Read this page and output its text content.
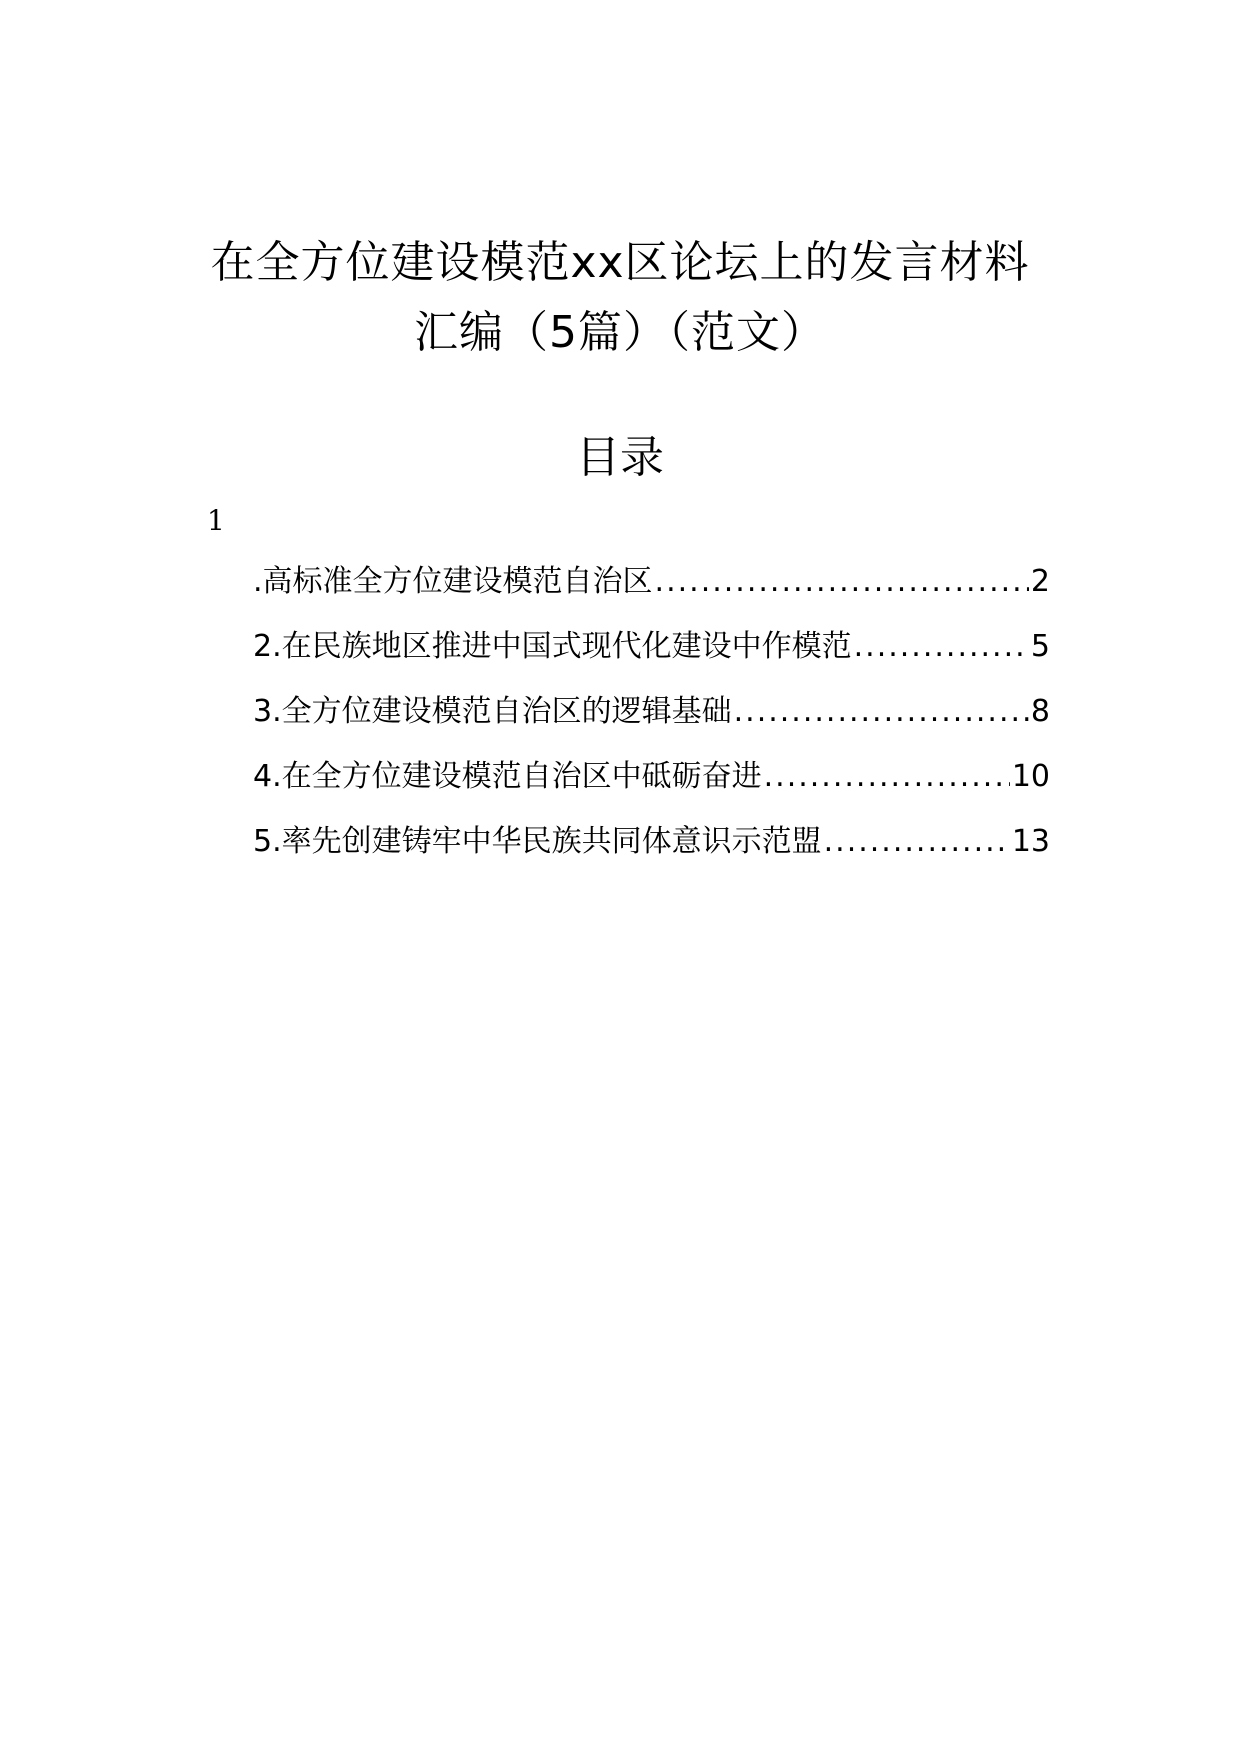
在全方位建设模范xx区论坛上的发言材料
汇编（5篇）（范文）
目录
1
.高标准全方位建设模范自治区 .....	2
2.在民族地区推进中国式现代化建设中作模范 .....	5
3.全方位建设模范自治区的逻辑基础 .....	8
4.在全方位建设模范自治区中砥砺奋进 .....	10
5.率先创建铸牢中华民族共同体意识示范盟 .....	13
